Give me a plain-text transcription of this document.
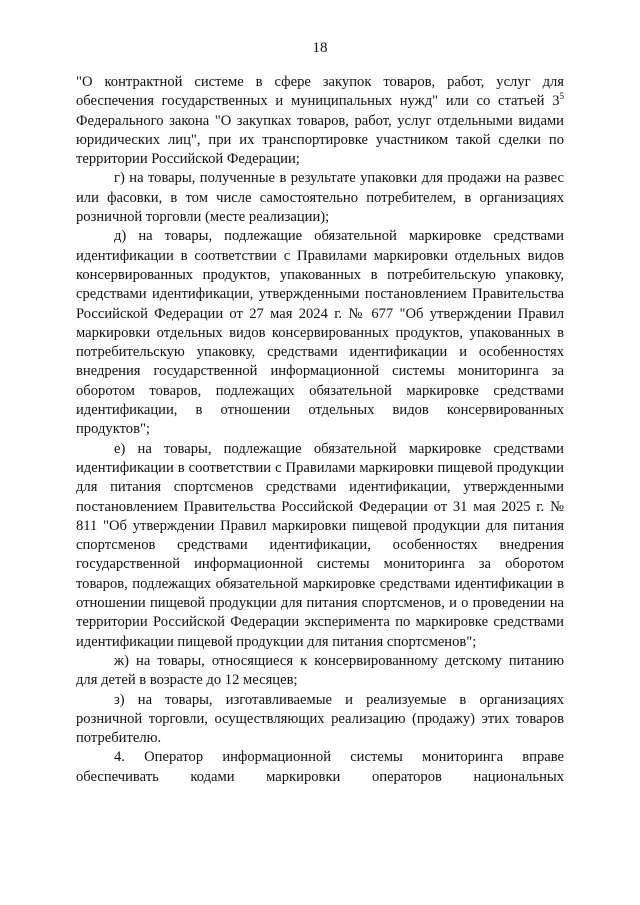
18

"О контрактной системе в сфере закупок товаров, работ, услуг для обеспечения государственных и муниципальных нужд" или со статьей $3^5$ Федерального закона "О закупках товаров, работ, услуг отдельными видами юридических лиц", при их транспортировке участником такой сделки по территории Российской Федерации;

г) на товары, полученные в результате упаковки для продажи на развес или фасовки, в том числе самостоятельно потребителем, в организациях розничной торговли (месте реализации);

д) на товары, подлежащие обязательной маркировке средствами идентификации в соответствии с Правилами маркировки отдельных видов консервированных продуктов, упакованных в потребительскую упаковку, средствами идентификации, утвержденными постановлением Правительства Российской Федерации от 27 мая 2024 г. № 677 "Об утверждении Правил маркировки отдельных видов консервированных продуктов, упакованных в потребительскую упаковку, средствами идентификации и особенностях внедрения государственной информационной системы мониторинга за оборотом товаров, подлежащих обязательной маркировке средствами идентификации, в отношении отдельных видов консервированных продуктов";

е) на товары, подлежащие обязательной маркировке средствами идентификации в соответствии с Правилами маркировки пищевой продукции для питания спортсменов средствами идентификации, утвержденными постановлением Правительства Российской Федерации от 31 мая 2025 г. № 811 "Об утверждении Правил маркировки пищевой продукции для питания спортсменов средствами идентификации, особенностях внедрения государственной информационной системы мониторинга за оборотом товаров, подлежащих обязательной маркировке средствами идентификации в отношении пищевой продукции для питания спортсменов, и о проведении на территории Российской Федерации эксперимента по маркировке средствами идентификации пищевой продукции для питания спортсменов";

ж) на товары, относящиеся к консервированному детскому питанию для детей в возрасте до 12 месяцев;

з) на товары, изготавливаемые и реализуемые в организациях розничной торговли, осуществляющих реализацию (продажу) этих товаров потребителю.

4. Оператор информационной системы мониторинга вправе обеспечивать кодами маркировки операторов национальных
